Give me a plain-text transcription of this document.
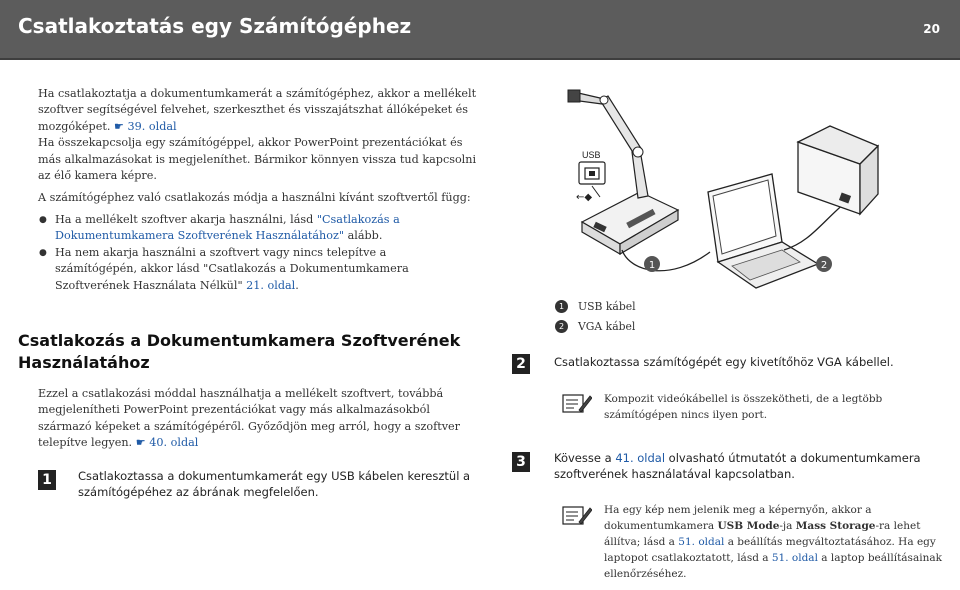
Csatlakoztatás egy Számítógéphez	20
Ha csatlakoztatja a dokumentumkamerát a számítógéphez, akkor a mellékelt
szoftver segítségével felvehet, szerkeszthet és visszajátszhat állóképeket és
mozgóképet. ☛ 39. oldal
Ha összekapcsolja egy számítógéppel, akkor PowerPoint prezentációkat és
más alkalmazásokat is megjeleníthet. Bármikor könnyen vissza tud kapcsolni
az élő kamera képre.
A számítógéphez való csatlakozás módja a használni kívánt szoftvertől függ:
● Ha a mellékelt szoftver akarja használni, lásd "Csatlakozás a Dokumentumkamera Szoftverének Használatához" alább.
● Ha nem akarja használni a szoftvert vagy nincs telepítve a számítógépén, akkor lásd "Csatlakozás a Dokumentumkamera Szoftverének Használata Nélkül" 21. oldal.
Csatlakozás a Dokumentumkamera Szoftverének
Használatához
Ezzel a csatlakozási móddal használhatja a mellékelt szoftvert, továbbá
megjelenítheti PowerPoint prezentációkat vagy más alkalmazásokból
származó képeket a számítógépéről. Győződjön meg arról, hogy a szoftver
telepítve legyen. ☛ 40. oldal
1	Csatlakoztassa a dokumentumkamerát egy USB kábelen keresztül a
számítógépéhez az ábrának megfelelően.
USB
←◆
1	2
1	USB kábel
2	VGA kábel
2	Csatlakoztassa számítógépét egy kivetítőhöz VGA kábellel.
Kompozit videókábellel is összekötheti, de a legtöbb
számítógépen nincs ilyen port.
3	Kövesse a 41. oldal olvasható útmutatót a dokumentumkamera
szoftverének használatával kapcsolatban.
Ha egy kép nem jelenik meg a képernyőn, akkor a
dokumentumkamera USB Mode-ja Mass Storage-ra lehet
állítva; lásd a 51. oldal a beállítás megváltoztatásához. Ha egy
laptopot csatlakoztatott, lásd a 51. oldal a laptop beállításainak
ellenőrzéséhez.
